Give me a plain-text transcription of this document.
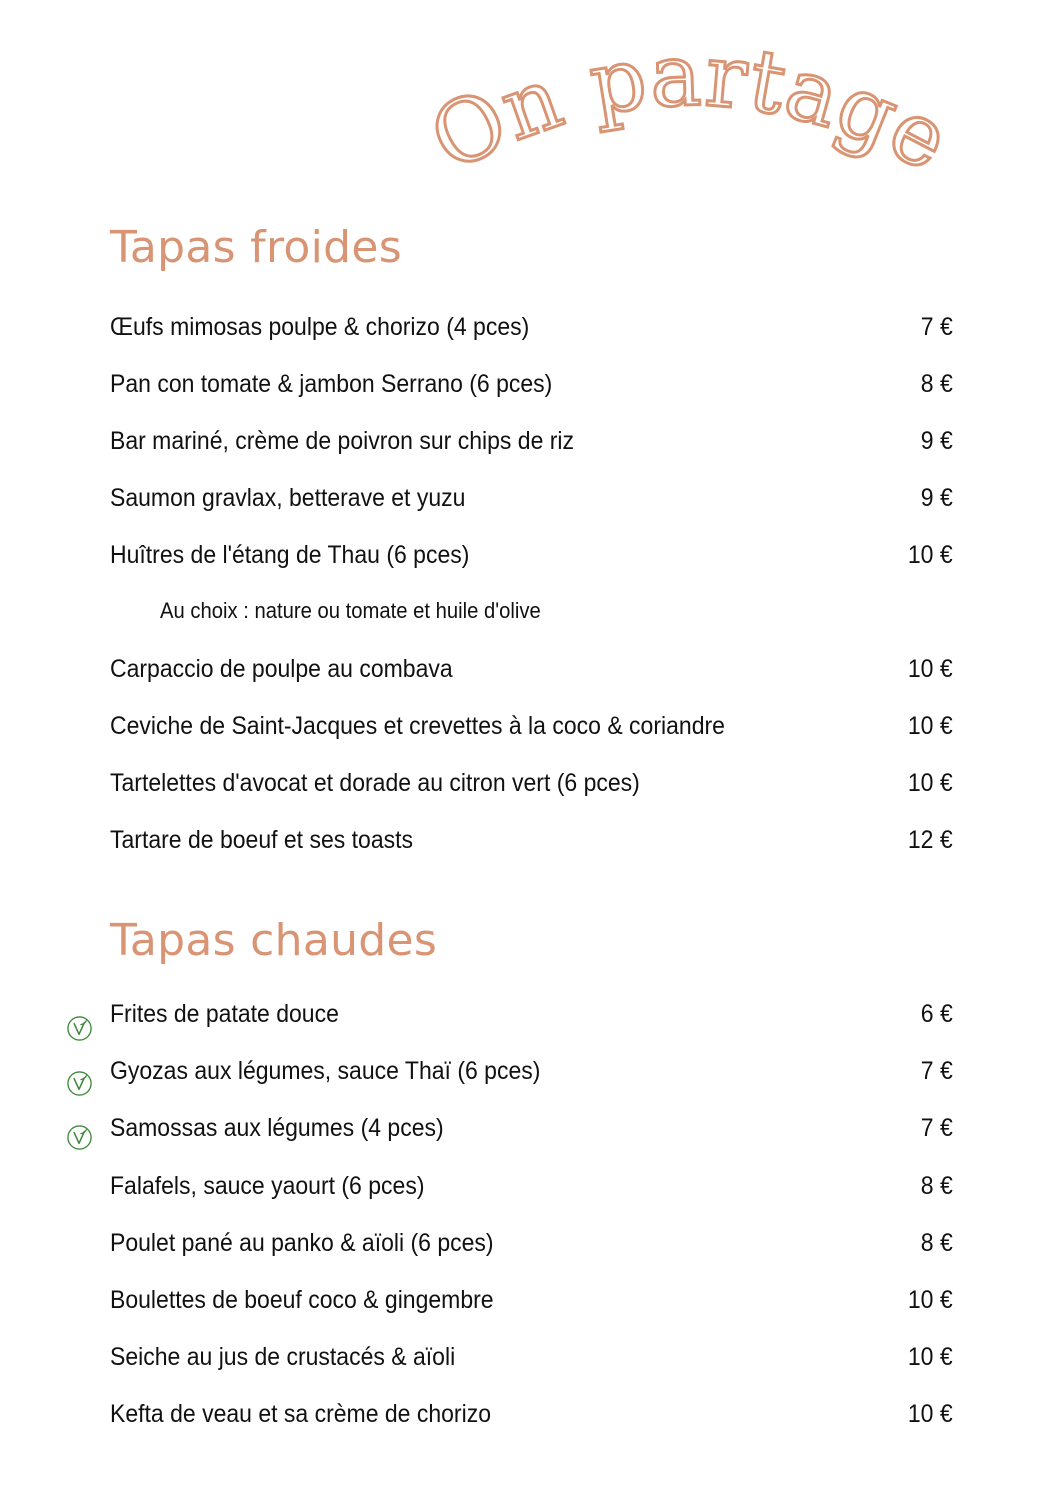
On partage
Tapas froides
Œufs mimosas poulpe & chorizo (4 pces)	7 €
Pan con tomate & jambon Serrano (6 pces)	8 €
Bar mariné, crème de poivron sur chips de riz	9 €
Saumon gravlax, betterave et yuzu	9 €
Huîtres de l'étang de Thau (6 pces)	10 €
Au choix : nature ou tomate et huile d'olive
Carpaccio de poulpe au combava	10 €
Ceviche de Saint-Jacques et crevettes à la coco & coriandre	10 €
Tartelettes d'avocat et dorade au citron vert (6 pces)	10 €
Tartare de boeuf et ses toasts	12 €
Tapas chaudes
Frites de patate douce	6 €
Gyozas aux légumes, sauce Thaï (6 pces)	7 €
Samossas aux légumes (4 pces)	7 €
Falafels, sauce yaourt (6 pces)	8 €
Poulet pané au panko & aïoli (6 pces)	8 €
Boulettes de boeuf coco & gingembre	10 €
Seiche au jus de crustacés & aïoli	10 €
Kefta de veau et sa crème de chorizo	10 €
